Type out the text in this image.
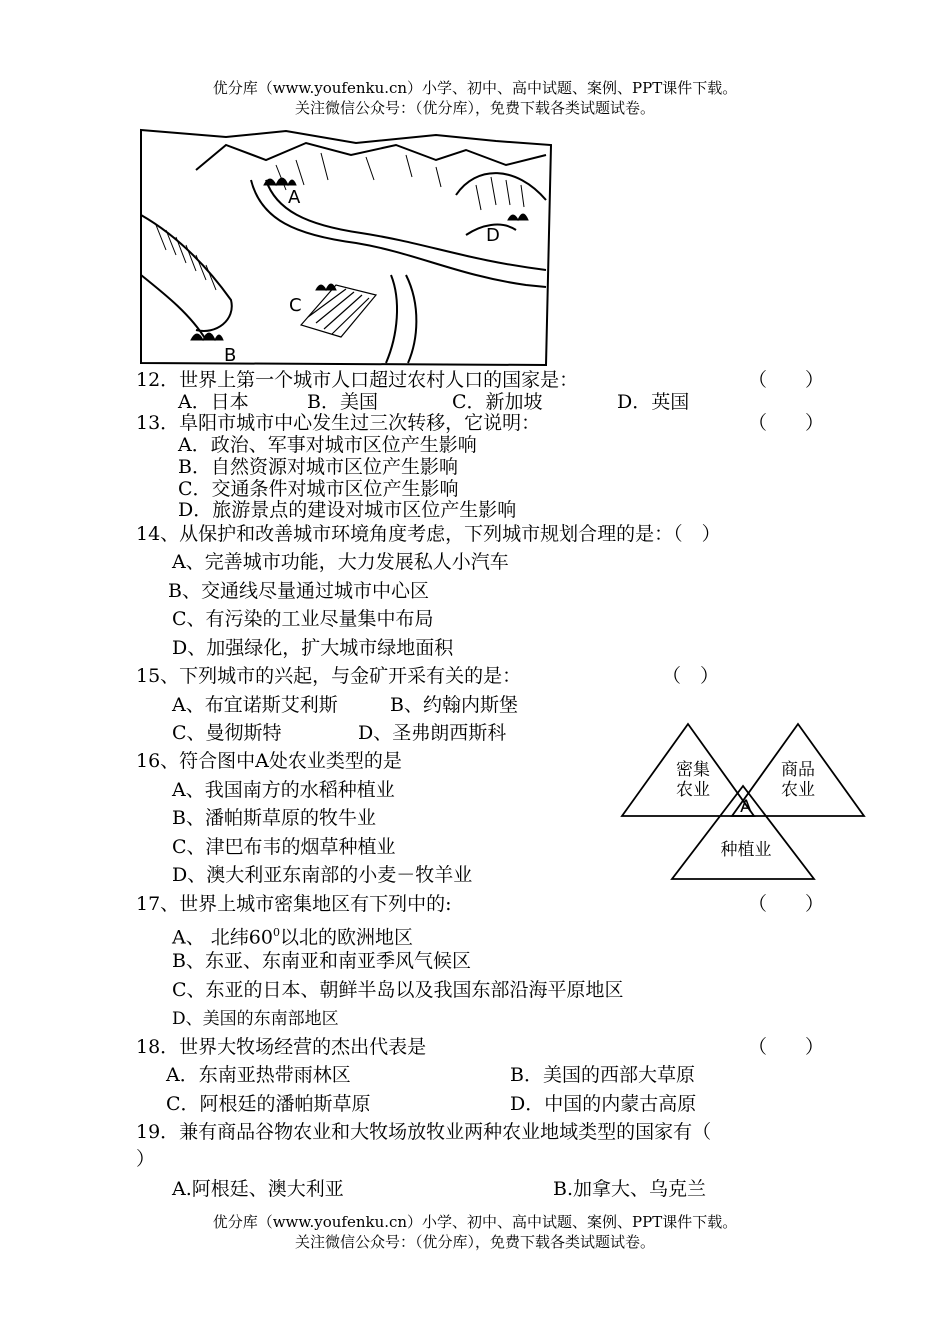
优分库（www.youfenku.cn）小学、初中、高中试题、案例、PPT课件下载。
关注微信公众号：（优分库），免费下载各类试题试卷。
A
B
C
D
12．世界上第一个城市人口超过农村人口的国家是：	（　　）
A．日本	B．美国	C．新加坡	D．英国
13．阜阳市城市中心发生过三次转移，它说明：	（　　）
A．政治、军事对城市区位产生影响
B．自然资源对城市区位产生影响
C．交通条件对城市区位产生影响
D．旅游景点的建设对城市区位产生影响
14、从保护和改善城市环境角度考虑，下列城市规划合理的是：（　）
A、完善城市功能，大力发展私人小汽车
B、交通线尽量通过城市中心区
C、有污染的工业尽量集中布局
D、加强绿化，扩大城市绿地面积
15、下列城市的兴起，与金矿开采有关的是：	（　）
A、布宜诺斯艾利斯	B、约翰内斯堡
C、曼彻斯特	D、圣弗朗西斯科
密集
农业
商品
农业
A
种植业
16、符合图中A处农业类型的是
A、我国南方的水稻种植业
B、潘帕斯草原的牧牛业
C、津巴布韦的烟草种植业
D、澳大利亚东南部的小麦－牧羊业
17、世界上城市密集地区有下列中的:	（　　）
A、 北纬$60^0$以北的欧洲地区
B、东亚、东南亚和南亚季风气候区
C、东亚的日本、朝鲜半岛以及我国东部沿海平原地区
D、美国的东南部地区
18．世界大牧场经营的杰出代表是	（　　）
A．东南亚热带雨林区	B．美国的西部大草原
C．阿根廷的潘帕斯草原	D．中国的内蒙古高原
19．兼有商品谷物农业和大牧场放牧业两种农业地域类型的国家有（
）
A.阿根廷、澳大利亚	B.加拿大、乌克兰
优分库（www.youfenku.cn）小学、初中、高中试题、案例、PPT课件下载。
关注微信公众号：（优分库），免费下载各类试题试卷。
